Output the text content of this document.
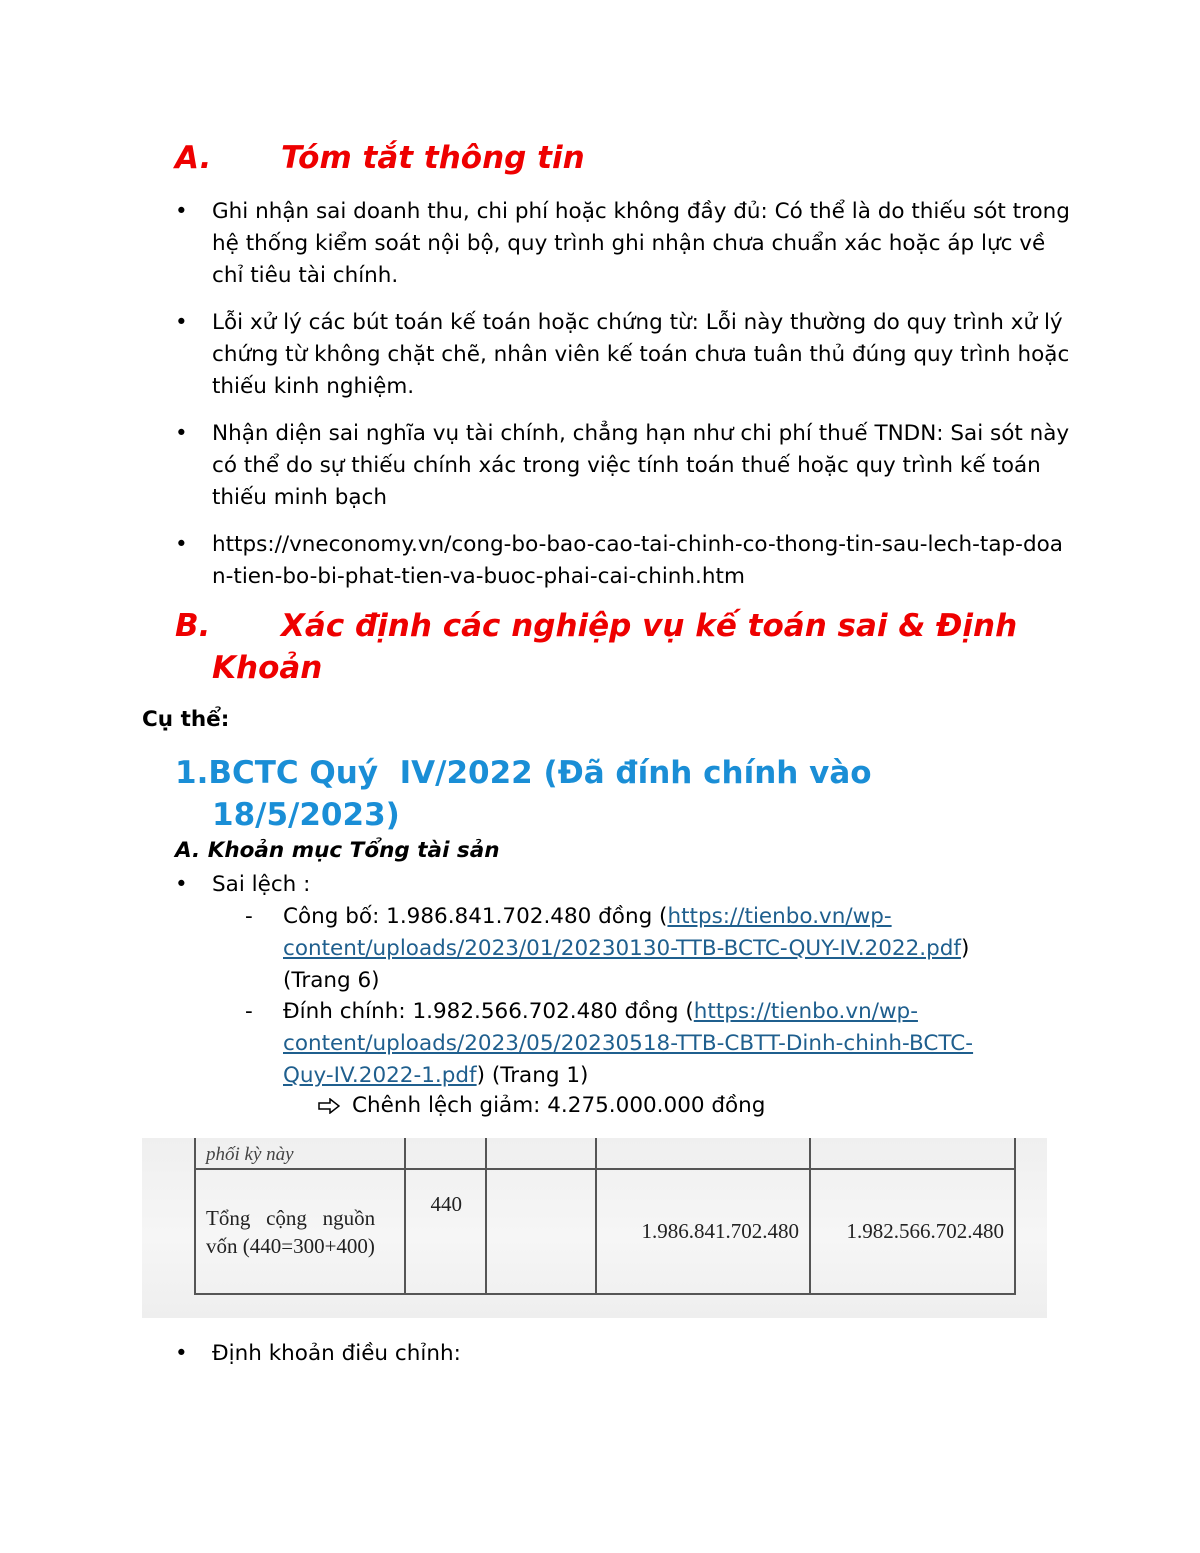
A. Tóm tắt thông tin
• Ghi nhận sai doanh thu, chi phí hoặc không đầy đủ: Có thể là do thiếu sót trong hệ thống kiểm soát nội bộ, quy trình ghi nhận chưa chuẩn xác hoặc áp lực về chỉ tiêu tài chính.
• Lỗi xử lý các bút toán kế toán hoặc chứng từ: Lỗi này thường do quy trình xử lý chứng từ không chặt chẽ, nhân viên kế toán chưa tuân thủ đúng quy trình hoặc thiếu kinh nghiệm.
• Nhận diện sai nghĩa vụ tài chính, chẳng hạn như chi phí thuế TNDN: Sai sót này có thể do sự thiếu chính xác trong việc tính toán thuế hoặc quy trình kế toán thiếu minh bạch
• https://vneconomy.vn/cong-bo-bao-cao-tai-chinh-co-thong-tin-sau-lech-tap-doan-tien-bo-bi-phat-tien-va-buoc-phai-cai-chinh.htm
B. Xác định các nghiệp vụ kế toán sai & Định
Khoản

Cụ thể:

1.BCTC Quý  IV/2022 (Đã đính chính vào
18/5/2023)

A. Khoản mục Tổng tài sản

• Sai lệch :
- Công bố: 1.986.841.702.480 đồng (https://tienbo.vn/wp-
content/uploads/2023/01/20230130-TTB-BCTC-QUY-IV.2022.pdf)
(Trang 6)
- Đính chính: 1.982.566.702.480 đồng (https://tienbo.vn/wp-
content/uploads/2023/05/20230518-TTB-CBTT-Dinh-chinh-BCTC-
Quy-IV.2022-1.pdf) (Trang 1)
Chênh lệch giảm: 4.275.000.000 đồng
phối kỳ này				
Tổng   cộng   nguồn
vốn (440=300+400)	440		1.986.841.702.480	1.982.566.702.480
• Định khoản điều chỉnh:
